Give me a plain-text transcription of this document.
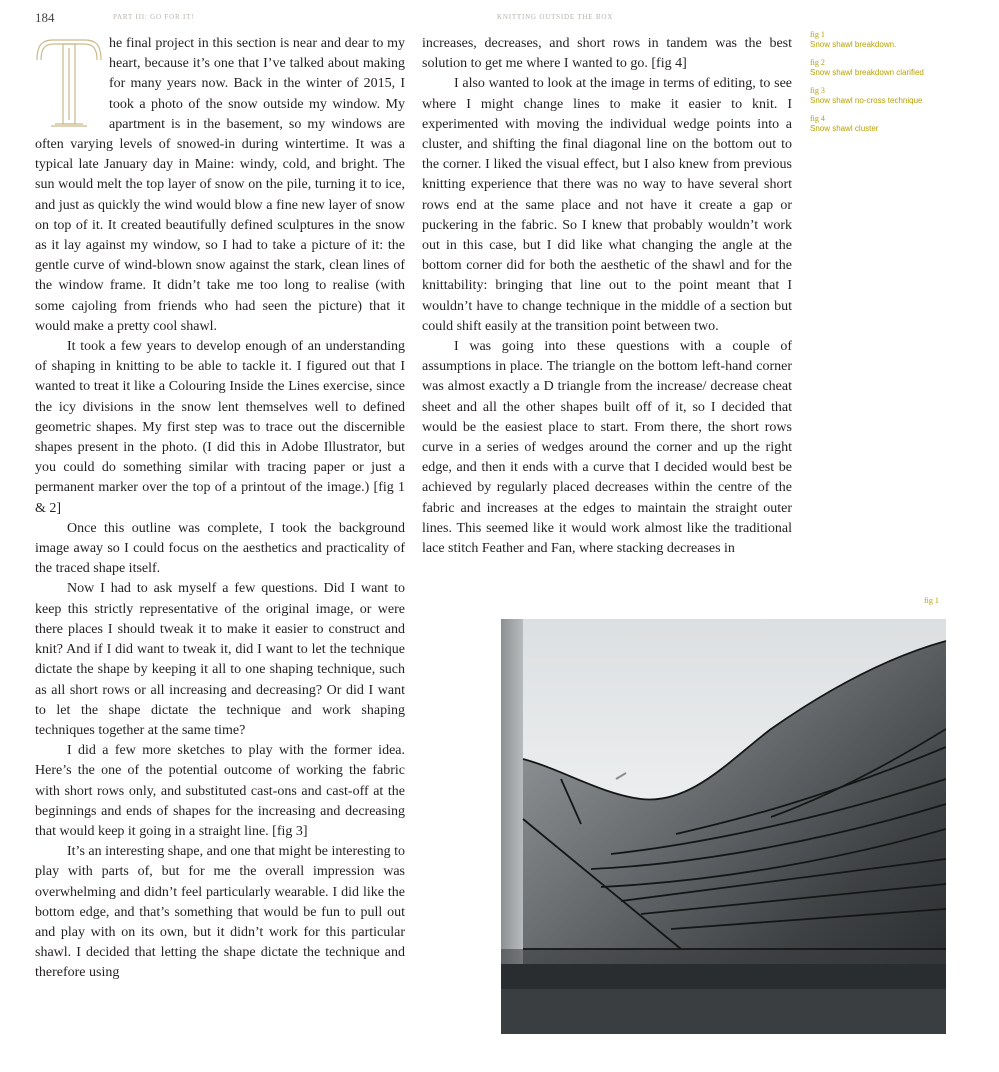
184	PART III: GO FOR IT!	KNITTING OUTSIDE THE BOX
T

he final project in this section is near and dear to my heart, because it’s one that I’ve talked about making for many years now. Back in the winter of 2015, I took a photo of the snow outside my window. My apartment is in the basement, so my windows are often varying levels of snowed-in during wintertime. It was a typical late January day in Maine: windy, cold, and bright. The sun would melt the top layer of snow on the pile, turning it to ice, and just as quickly the wind would blow a fine new layer of snow on top of it. It created beautifully defined sculptures in the snow as it lay against my window, so I had to take a picture of it: the gentle curve of wind-blown snow against the stark, clean lines of the window frame. It didn’t take me too long to realise (with some cajoling from friends who had seen the picture) that it would make a pretty cool shawl.

It took a few years to develop enough of an understanding of shaping in knitting to be able to tackle it. I figured out that I wanted to treat it like a Colouring Inside the Lines exercise, since the icy divisions in the snow lent themselves well to defined geometric shapes. My first step was to trace out the discernible shapes present in the photo. (I did this in Adobe Illustrator, but you could do something similar with tracing paper or just a permanent marker over the top of a printout of the image.) [fig 1 & 2]

Once this outline was complete, I took the background image away so I could focus on the aesthetics and practicality of the traced shape itself.

Now I had to ask myself a few questions. Did I want to keep this strictly representative of the original image, or were there places I should tweak it to make it easier to construct and knit? And if I did want to tweak it, did I want to let the technique dictate the shape by keeping it all to one shaping technique, such as all short rows or all increasing and decreasing? Or did I want to let the shape dictate the technique and work shaping techniques together at the same time?

I did a few more sketches to play with the former idea. Here’s the one of the potential outcome of working the fabric with short rows only, and substituted cast-ons and cast-off at the beginnings and ends of shapes for the increasing and decreasing that would keep it going in a straight line. [fig 3]

It’s an interesting shape, and one that might be interesting to play with parts of, but for me the overall impression was overwhelming and didn’t feel particularly wearable. I did like the bottom edge, and that’s something that would be fun to pull out and play with on its own, but it didn’t work for this particular shawl. I decided that letting the shape dictate the technique and therefore using

increases, decreases, and short rows in tandem was the best solution to get me where I wanted to go. [fig 4]

I also wanted to look at the image in terms of editing, to see where I might change lines to make it easier to knit. I experimented with moving the individual wedge points into a cluster, and shifting the final diagonal line on the bottom out to the corner. I liked the visual effect, but I also knew from previous knitting experience that there was no way to have several short rows end at the same place and not have it create a gap or puckering in the fabric. So I knew that probably wouldn’t work out in this case, but I did like what changing the angle at the bottom corner did for both the aesthetic of the shawl and for the knittability: bringing that line out to the point meant that I wouldn’t have to change technique in the middle of a section but could shift easily at the transition point between two.

I was going into these questions with a couple of assumptions in place. The triangle on the bottom left-hand corner was almost exactly a D triangle from the increase/ decrease cheat sheet and all the other shapes built off of it, so I decided that would be the easiest place to start. From there, the short rows curve in a series of wedges around the corner and up the right edge, and then it ends with a curve that I decided would best be achieved by regularly placed decreases within the centre of the fabric and increases at the edges to maintain the straight outer lines. This seemed like it would work almost like the traditional lace stitch Feather and Fan, where stacking decreases in

fig 1
Snow shawl breakdown.
fig 2
Snow shawl breakdown clarified
fig 3
Snow shawl no-cross technique
fig 4
Snow shawl cluster
fig 1
